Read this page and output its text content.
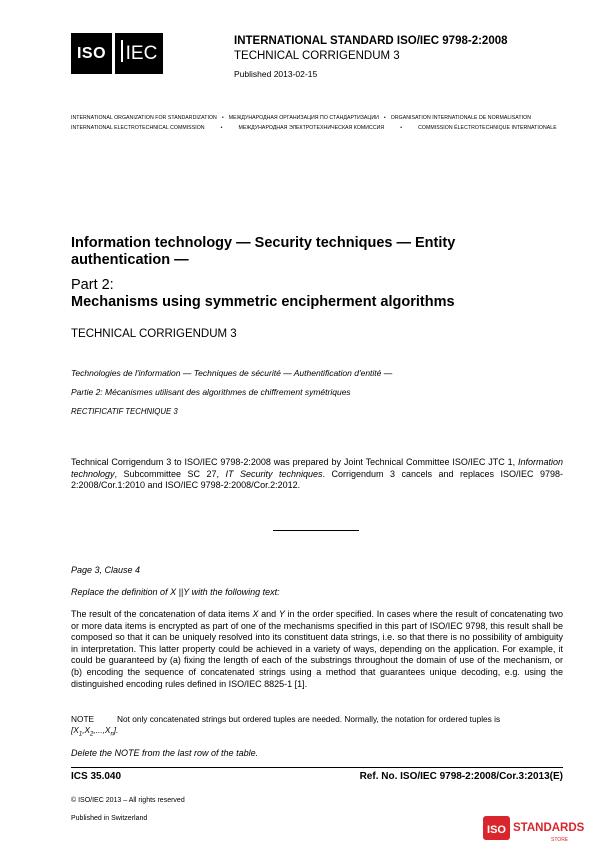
ISO	IEC
INTERNATIONAL STANDARD ISO/IEC 9798-2:2008
TECHNICAL CORRIGENDUM 3
Published 2013-02-15
INTERNATIONAL ORGANIZATION FOR STANDARDIZATION • МЕЖДУНАРОДНАЯ ОРГАНИЗАЦИЯ ПО СТАНДАРТИЗАЦИИ • ORGANISATION INTERNATIONALE DE NORMALISATION
INTERNATIONAL ELECTROTECHNICAL COMMISSION	•	МЕЖДУНАРОДНАЯ ЭЛЕКТРОТЕХНИЧЕСКАЯ КОМИССИЯ	•	COMMISSION ÉLECTROTECHNIQUE INTERNATIONALE
Information technology — Security techniques — Entity authentication —
Part 2:
Mechanisms using symmetric encipherment algorithms
TECHNICAL CORRIGENDUM 3
Technologies de l'information — Techniques de sécurité — Authentification d'entité —
Partie 2: Mécanismes utilisant des algorithmes de chiffrement symétriques
RECTIFICATIF TECHNIQUE 3
Technical Corrigendum 3 to ISO/IEC 9798-2:2008 was prepared by Joint Technical Committee ISO/IEC JTC 1, Information technology, Subcommittee SC 27, IT Security techniques. Corrigendum 3 cancels and replaces ISO/IEC 9798-2:2008/Cor.1:2010 and ISO/IEC 9798-2:2008/Cor.2:2012.
Page 3, Clause 4
Replace the definition of X ||Y with the following text:
The result of the concatenation of data items X and Y in the order specified. In cases where the result of concatenating two or more data items is encrypted as part of one of the mechanisms specified in this part of ISO/IEC 9798, this result shall be composed so that it can be uniquely resolved into its constituent data strings, i.e. so that there is no possibility of ambiguity in interpretation. This latter property could be achieved in a variety of ways, depending on the application. For example, it could be guaranteed by (a) fixing the length of each of the substrings throughout the domain of use of the mechanism, or (b) encoding the sequence of concatenated strings using a method that guarantees unique decoding, e.g. using the distinguished encoding rules defined in ISO/IEC 8825-1 [1].
NOTE	Not only concatenated strings but ordered tuples are needed. Normally, the notation for ordered tuples is
$[X_1,X_2,...,X_n]$.
Delete the NOTE from the last row of the table.
ICS 35.040	Ref. No. ISO/IEC 9798-2:2008/Cor.3:2013(E)
© ISO/IEC 2013 – All rights reserved
Published in Switzerland
ISO STANDARDS
STORE
